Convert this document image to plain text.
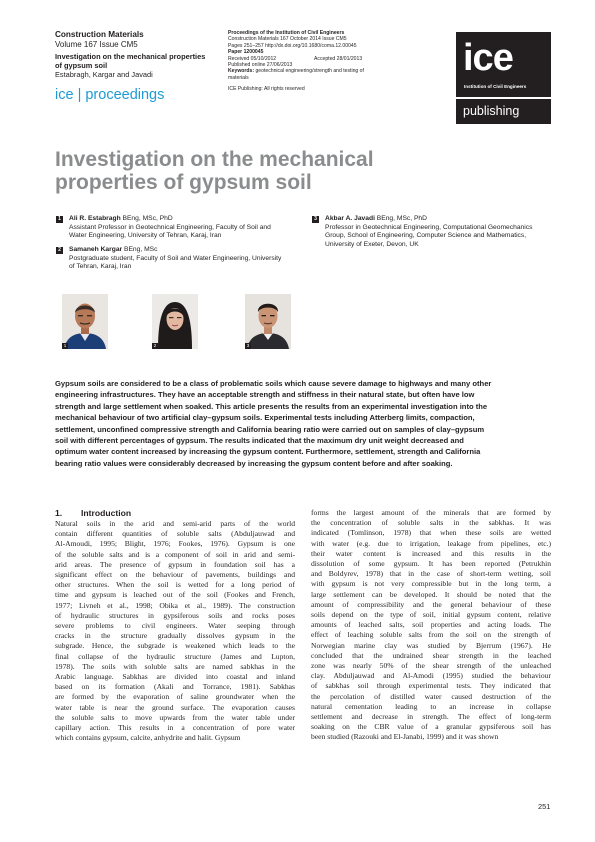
Construction Materials
Volume 167 Issue CM5
Investigation on the mechanical properties
of gypsum soil
Estabragh, Kargar and Javadi
ice | proceedings
Proceedings of the Institution of Civil Engineers
Construction Materials 167 October 2014 Issue CM5
Pages 251–257 http://dx.doi.org/10.1680/coma.12.00045
Paper 1200045
Received 05/10/2012	Accepted 28/01/2013
Published online 27/06/2013
Keywords: geotechnical engineering/strength and testing of
materials
ICE Publishing: All rights reserved
ice
Institution of Civil Engineers
publishing
Investigation on the mechanical
properties of gypsum soil
1	Ali R. Estabragh BEng, MSc, PhD
Assistant Professor in Geotechnical Engineering, Faculty of Soil and
Water Engineering, University of Tehran, Karaj, Iran
2	Samaneh Kargar BEng, MSc
Postgraduate student, Faculty of Soil and Water Engineering, University
of Tehran, Karaj, Iran
3	Akbar A. Javadi BEng, MSc, PhD
Professor in Geotechnical Engineering, Computational Geomechanics
Group, School of Engineering, Computer Science and Mathematics,
University of Exeter, Devon, UK
1	2	3
Gypsum soils are considered to be a class of problematic soils which cause severe damage to highways and many other
engineering infrastructures. They have an acceptable strength and stiffness in their natural state, but often have low
strength and large settlement when soaked. This article presents the results from an experimental investigation into the
mechanical behaviour of two artificial clay–gypsum soils. Experimental tests including Atterberg limits, compaction,
settlement, unconfined compressive strength and California bearing ratio were carried out on samples of clay–gypsum
soil with different percentages of gypsum. The results indicated that the maximum dry unit weight decreased and
optimum water content increased by increasing the gypsum content. Furthermore, settlement, strength and California
bearing ratio values were considerably decreased by increasing the gypsum content before and after soaking.
1. Introduction
Natural soils in the arid and semi-arid parts of the world
contain different quantities of soluble salts (Abduljauwad and
Al-Amoudi, 1995; Blight, 1976; Fookes, 1976). Gypsum is one
of the soluble salts and is a component of soil in arid and semi-
arid areas. The presence of gypsum in foundation soil has a
significant effect on the behaviour of pavements, buildings and
other structures. When the soil is wetted for a long period of
time and gypsum is leached out of the soil (Fookes and French,
1977; Livneh et al., 1998; Obika et al., 1989). The construction
of hydraulic structures in gypsiferous soils and rocks poses
severe problems to civil engineers. Water seeping through
cracks in the structure gradually dissolves gypsum in the
subgrade. Hence, the subgrade is weakened which leads to the
final collapse of the hydraulic structure (James and Lupton,
1978). The soils with soluble salts are named sabkhas in the
Arabic language. Sabkhas are divided into coastal and inland
based on its formation (Akali and Torrance, 1981). Sabkhas
are formed by the evaporation of saline groundwater when the
water table is near the ground surface. The evaporation causes
the soluble salts to move upwards from the water table under
capillary action. This results in a concentration of pore water
which contains gypsum, calcite, anhydrite and halit. Gypsum
forms the largest amount of the minerals that are formed by
the concentration of soluble salts in the sabkhas. It was
indicated (Tomlinson, 1978) that when these soils are wetted
with water (e.g. due to irrigation, leakage from pipelines, etc.)
their water content is increased and this results in the
dissolution of some gypsum. It has been reported (Petrukhin
and Boldyrev, 1978) that in the case of short-term wetting, soil
with gypsum is not very compressible but in the long term, a
large settlement can be developed. It should be noted that the
amount of compressibility and the general behaviour of these
soils depend on the type of soil, initial gypsum content, relative
amounts of leached salts, soil properties and acting loads. The
effect of leaching soluble salts from the soil on the strength of
Norwegian marine clay was studied by Bjerrum (1967). He
concluded that the undrained shear strength in the leached
zone was nearly 50% of the shear strength of the unleached
clay. Abduljauwad and Al-Amodi (1995) studied the behaviour
of sabkhas soil through experimental tests. They indicated that
the percolation of distilled water caused destruction of the
natural cementation leading to an increase in collapse
settlement and decrease in strength. The effect of long-term
soaking on the CBR value of a granular gypsiferous soil has
been studied (Razouki and El-Janabi, 1999) and it was shown
251
